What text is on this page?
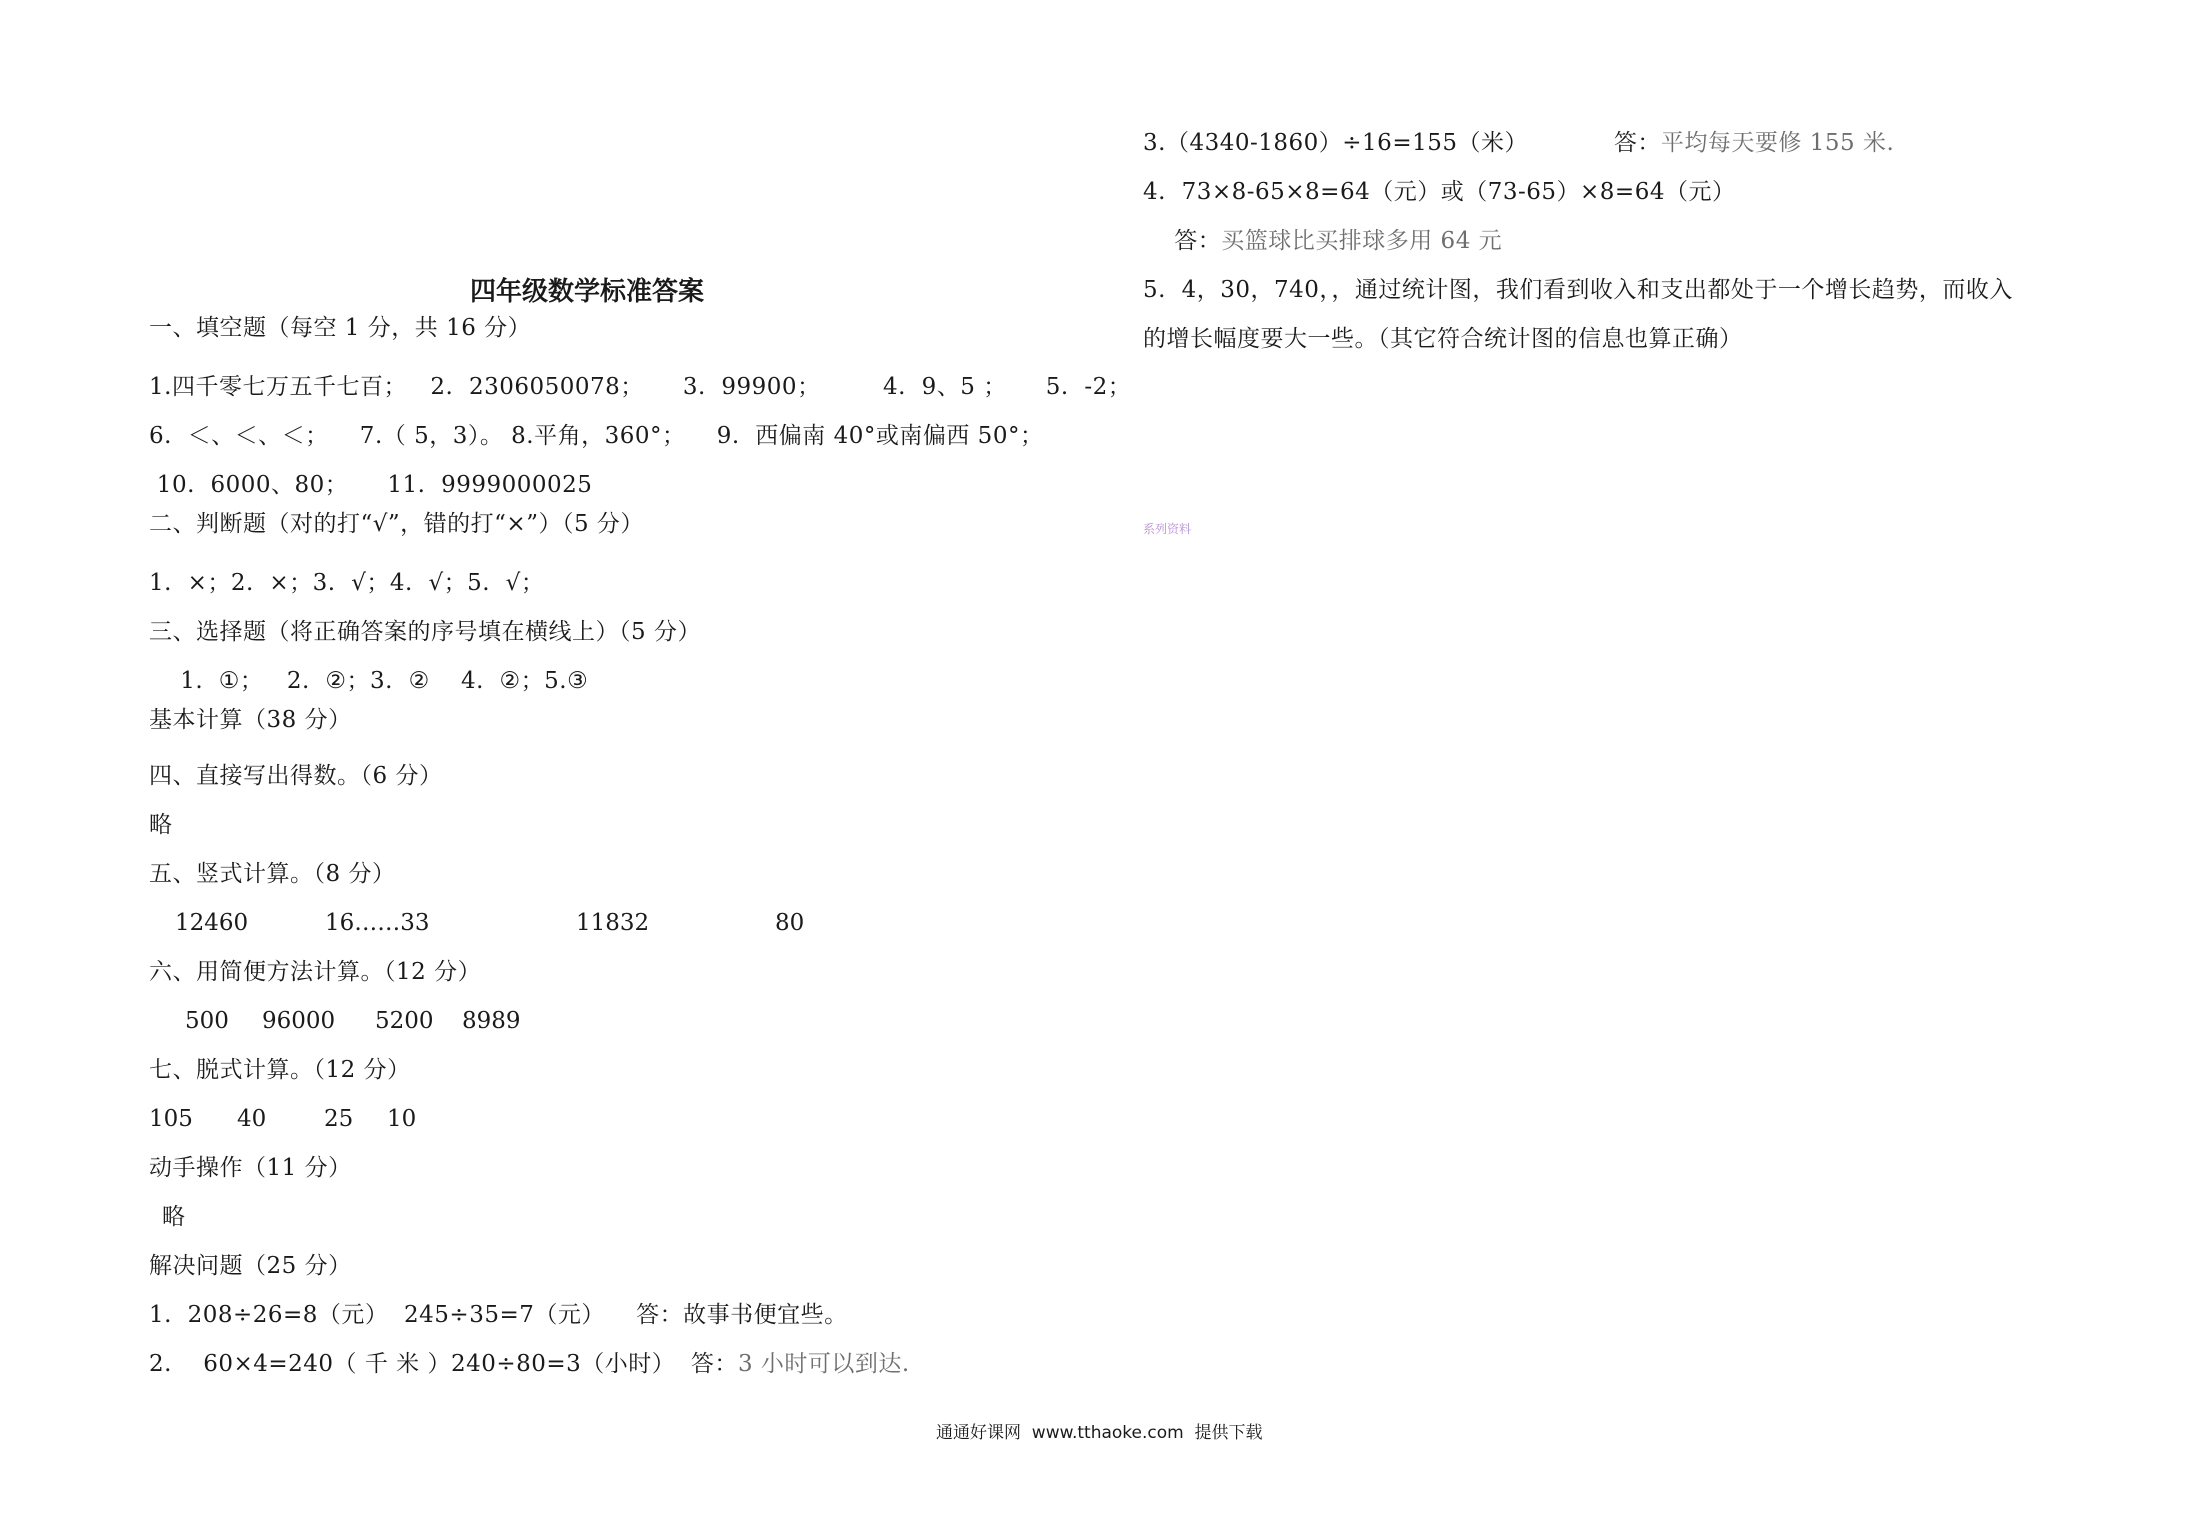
四年级数学标准答案
一、填空题（每空 1 分，共 16 分）
1.四千零七万五千七百；   2.  2306050078；     3.  99900；        4.  9、5 ；     5.  -2；
6.  ＜、＜、＜；    7.（ 5，3）。 8.平角，360°；    9.  西偏南 40°或南偏西 50°；
10.  6000、80；     11.  9999000025
二、判断题（对的打“√”，错的打“×”）（5 分）
1.  ×；2.  ×；3.  √；4.  √；5.  √；
三、选择题（将正确答案的序号填在横线上）（5 分）
1.  ①；   2.  ②；3.  ②    4.  ②；5.③
基本计算（38 分）
四、直接写出得数。（6 分）
略
五、竖式计算。（8 分）
12460	16……33	11832	80
六、用简便方法计算。（12 分）
500 96000 5200 8989
七、脱式计算。（12 分）
105 40	25 10
动手操作（11 分）
略
解决问题（25 分）
1.  208÷26=8（元）  245÷35=7（元）    答：故事书便宜些。
2.    60×4=240（ 千 米 ）240÷80=3（小时）  答：3 小时可以到达.
3.（4340-1860）÷16=155（米）           答：平均每天要修 155 米.
4.  73×8-65×8=64（元）或（73-65）×8=64（元）
答：买篮球比买排球多用 64 元
5.  4，30，740，，通过统计图，我们看到收入和支出都处于一个增长趋势，而收入
的增长幅度要大一些。（其它符合统计图的信息也算正确）
系列资料
通通好课网  www.tthaoke.com  提供下载
